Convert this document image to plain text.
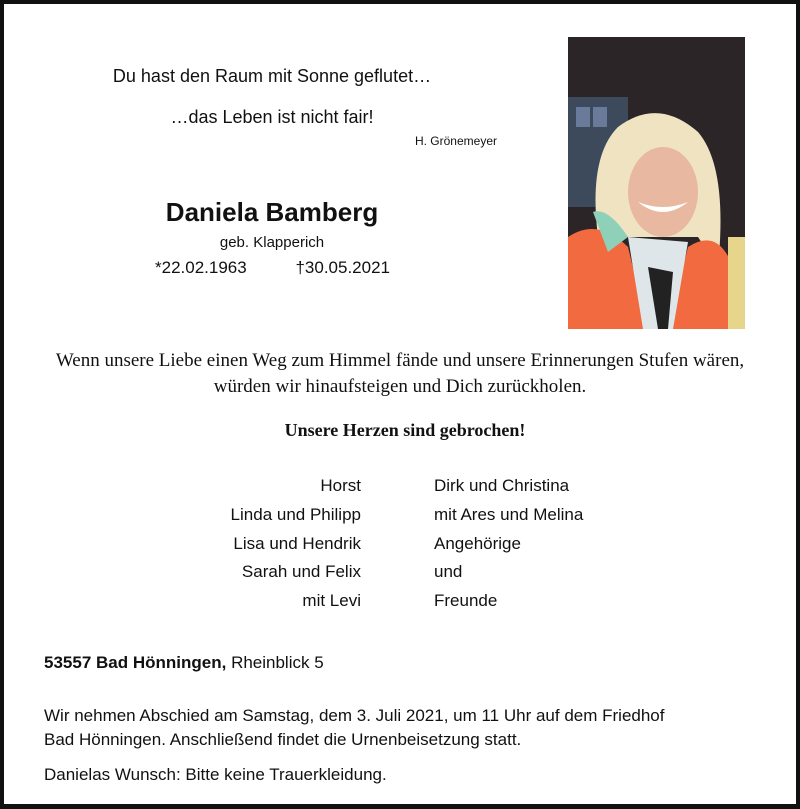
Du hast den Raum mit Sonne geflutet…
…das Leben ist nicht fair!
H. Grönemeyer
Daniela Bamberg
geb. Klapperich
*22.02.1963	†30.05.2021
Wenn unsere Liebe einen Weg zum Himmel fände und unsere Erinnerungen Stufen wären,
würden wir hinaufsteigen und Dich zurückholen.
Unsere Herzen sind gebrochen!
Horst
Linda und Philipp
Lisa und Hendrik
Sarah und Felix
mit Levi
Dirk und Christina
mit Ares und Melina
Angehörige
und
Freunde
53557 Bad Hönningen, Rheinblick 5
Wir nehmen Abschied am Samstag, dem 3. Juli 2021, um 11 Uhr auf dem Friedhof
Bad Hönningen. Anschließend findet die Urnenbeisetzung statt.
Danielas Wunsch: Bitte keine Trauerkleidung.
